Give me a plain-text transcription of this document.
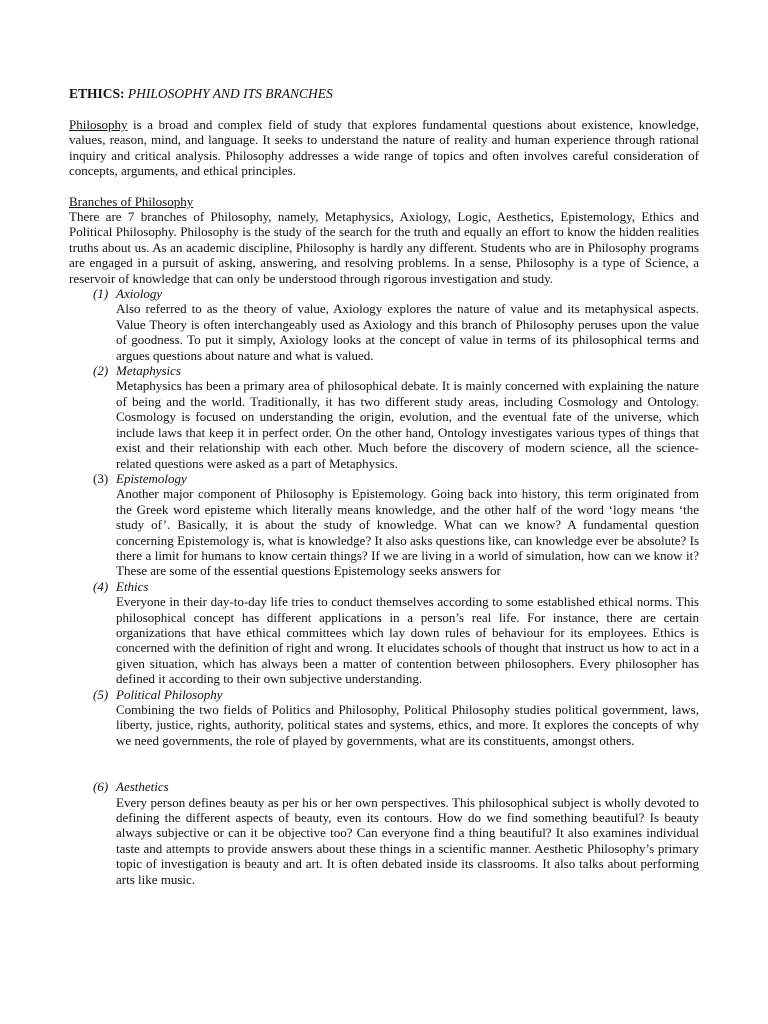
ETHICS: PHILOSOPHY AND ITS BRANCHES

Philosophy is a broad and complex field of study that explores fundamental questions about existence, knowledge, values, reason, mind, and language. It seeks to understand the nature of reality and human experience through rational inquiry and critical analysis. Philosophy addresses a wide range of topics and often involves careful consideration of concepts, arguments, and ethical principles.

Branches of Philosophy

There are 7 branches of Philosophy, namely, Metaphysics, Axiology, Logic, Aesthetics, Epistemology, Ethics and Political Philosophy. Philosophy is the study of the search for the truth and equally an effort to know the hidden realities truths about us. As an academic discipline, Philosophy is hardly any different. Students who are in Philosophy programs are engaged in a pursuit of asking, answering, and resolving problems. In a sense, Philosophy is a type of Science, a reservoir of knowledge that can only be understood through rigorous investigation and study.

(1) Axiology

Also referred to as the theory of value, Axiology explores the nature of value and its metaphysical aspects. Value Theory is often interchangeably used as Axiology and this branch of Philosophy peruses upon the value of goodness. To put it simply, Axiology looks at the concept of value in terms of its philosophical terms and argues questions about nature and what is valued.

(2) Metaphysics

Metaphysics has been a primary area of philosophical debate. It is mainly concerned with explaining the nature of being and the world. Traditionally, it has two different study areas, including Cosmology and Ontology. Cosmology is focused on understanding the origin, evolution, and the eventual fate of the universe, which include laws that keep it in perfect order. On the other hand, Ontology investigates various types of things that exist and their relationship with each other. Much before the discovery of modern science, all the science-related questions were asked as a part of Metaphysics.

(3) Epistemology

Another major component of Philosophy is Epistemology. Going back into history, this term originated from the Greek word episteme which literally means knowledge, and the other half of the word ‘logy means ‘the study of’. Basically, it is about the study of knowledge. What can we know? A fundamental question concerning Epistemology is, what is knowledge? It also asks questions like, can knowledge ever be absolute? Is there a limit for humans to know certain things? If we are living in a world of simulation, how can we know it? These are some of the essential questions Epistemology seeks answers for

(4) Ethics

Everyone in their day-to-day life tries to conduct themselves according to some established ethical norms. This philosophical concept has different applications in a person’s real life. For instance, there are certain organizations that have ethical committees which lay down rules of behaviour for its employees. Ethics is concerned with the definition of right and wrong. It elucidates schools of thought that instruct us how to act in a given situation, which has always been a matter of contention between philosophers. Every philosopher has defined it according to their own subjective understanding.

(5) Political Philosophy

Combining the two fields of Politics and Philosophy, Political Philosophy studies political government, laws, liberty, justice, rights, authority, political states and systems, ethics, and more. It explores the concepts of why we need governments, the role of played by governments, what are its constituents, amongst others.

(6) Aesthetics

Every person defines beauty as per his or her own perspectives. This philosophical subject is wholly devoted to defining the different aspects of beauty, even its contours. How do we find something beautiful? Is beauty always subjective or can it be objective too? Can everyone find a thing beautiful? It also examines individual taste and attempts to provide answers about these things in a scientific manner. Aesthetic Philosophy’s primary topic of investigation is beauty and art. It is often debated inside its classrooms. It also talks about performing arts like music.
